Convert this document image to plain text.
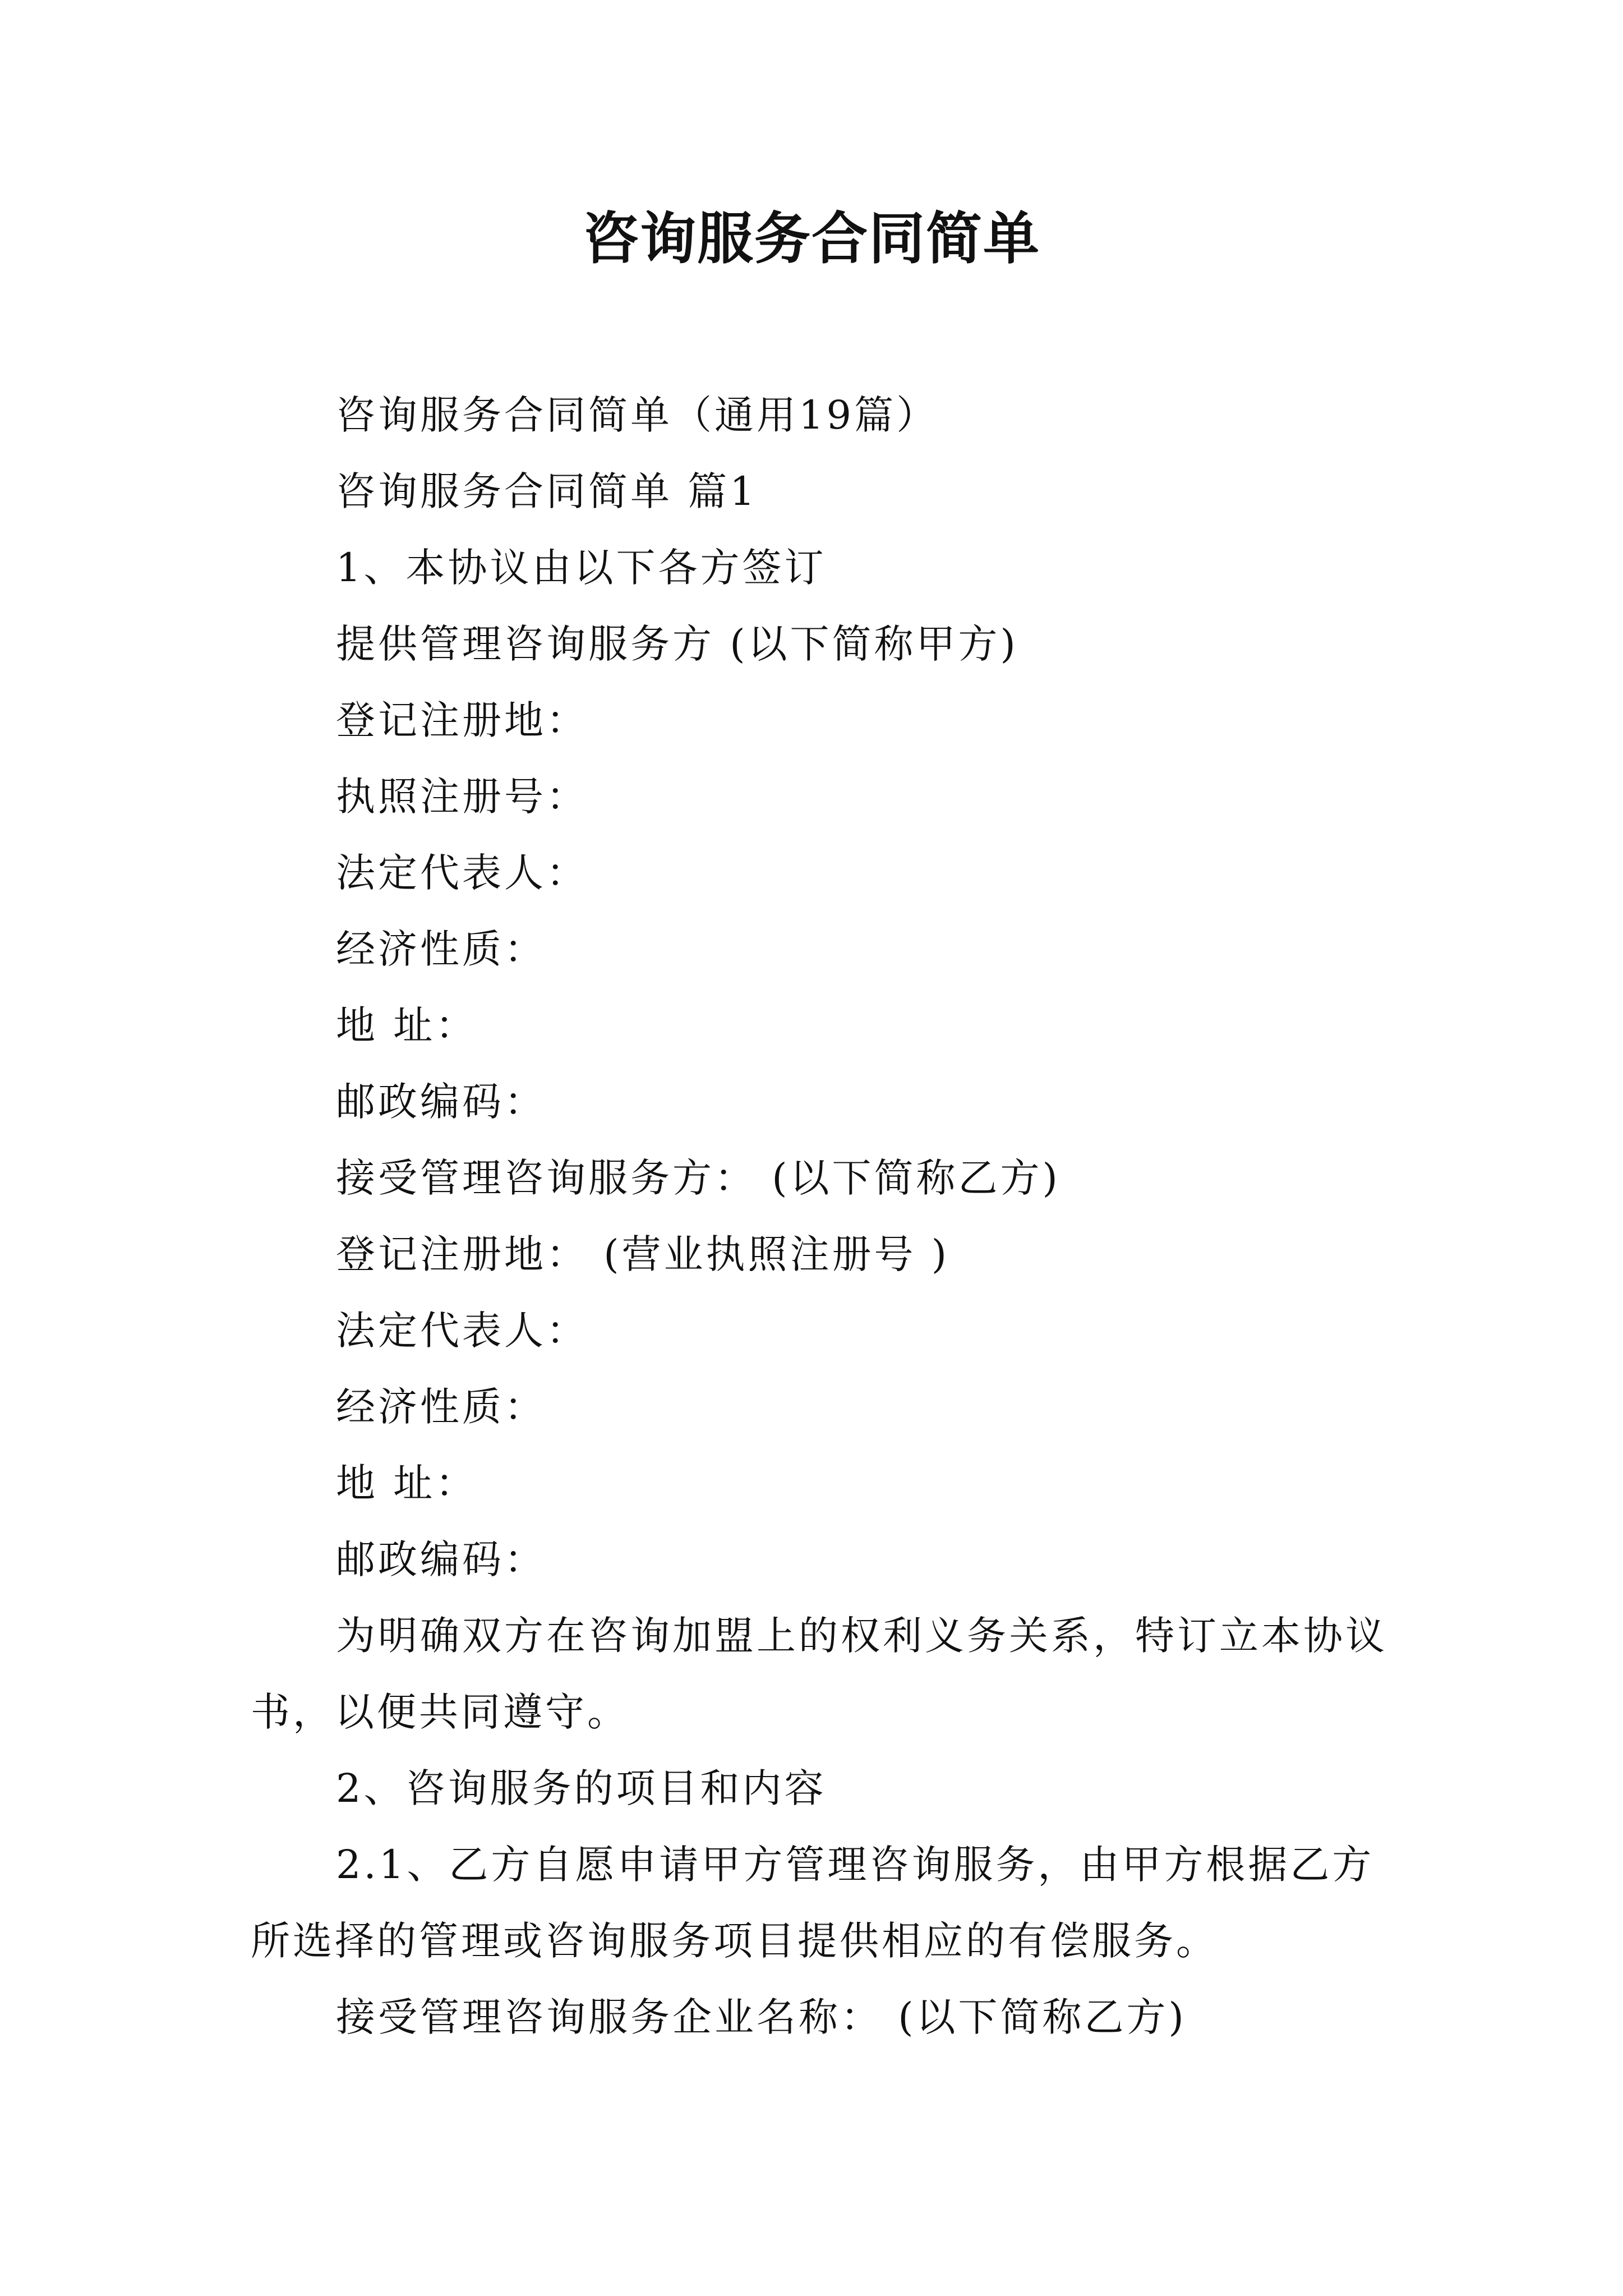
咨询服务合同简单

咨询服务合同简单（通用19篇）

咨询服务合同简单 篇1

1、本协议由以下各方签订

提供管理咨询服务方 (以下简称甲方)

登记注册地：

执照注册号：

法定代表人：

经济性质：

地 址：

邮政编码：

接受管理咨询服务方： (以下简称乙方)

登记注册地： (营业执照注册号 )

法定代表人：

经济性质：

地 址：

邮政编码：

为明确双方在咨询加盟上的权利义务关系，特订立本协议书，以便共同遵守。

2、咨询服务的项目和内容

2.1、乙方自愿申请甲方管理咨询服务，由甲方根据乙方所选择的管理或咨询服务项目提供相应的有偿服务。

接受管理咨询服务企业名称： (以下简称乙方)
